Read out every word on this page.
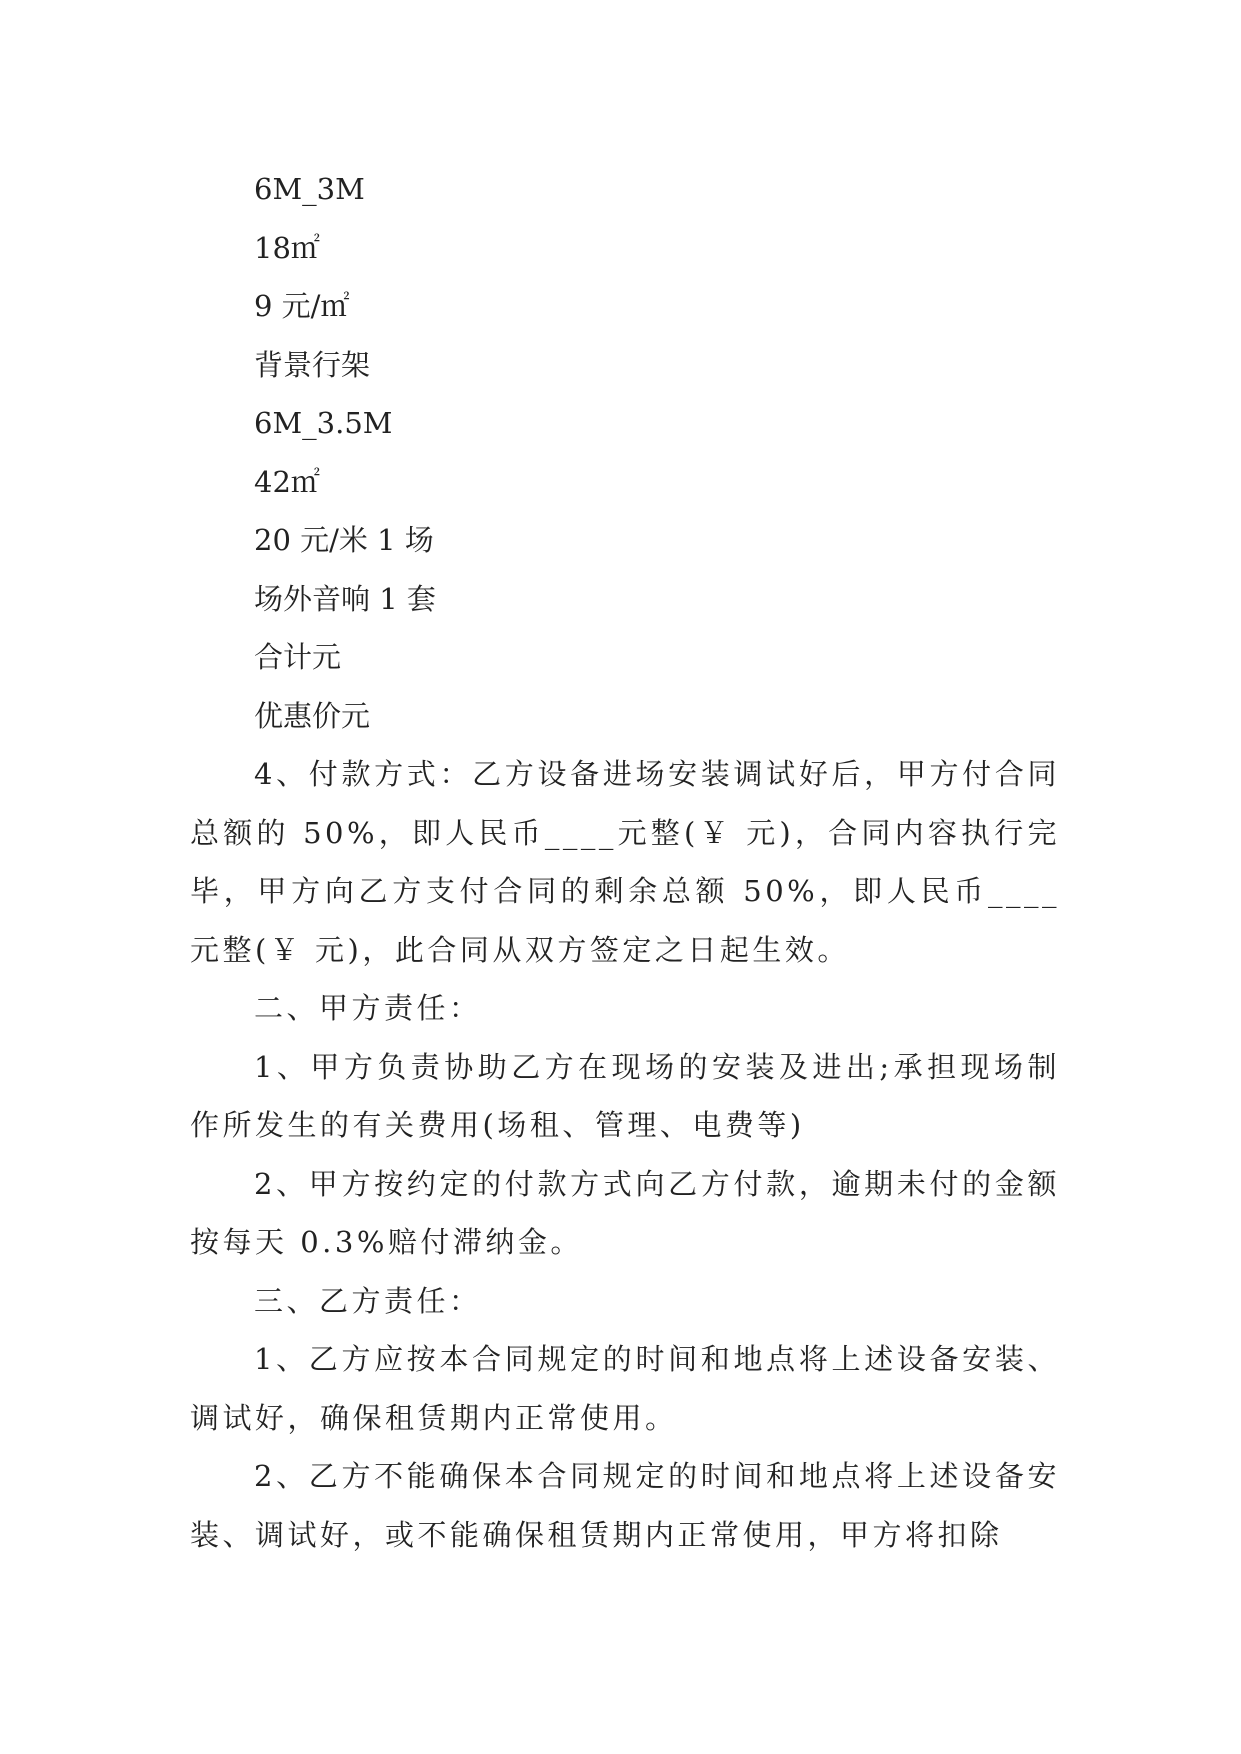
6M_3M

18㎡

9 元/㎡

背景行架

6M_3.5M

42㎡

20 元/米 1 场

场外音响 1 套

合计元

优惠价元

4、付款方式：乙方设备进场安装调试好后，甲方付合同总额的 50%，即人民币____元整(￥ 元)，合同内容执行完毕，甲方向乙方支付合同的剩余总额 50%，即人民币____元整(￥ 元)，此合同从双方签定之日起生效。

二、甲方责任：

1、甲方负责协助乙方在现场的安装及进出;承担现场制作所发生的有关费用(场租、管理、电费等)

2、甲方按约定的付款方式向乙方付款，逾期未付的金额按每天 0.3%赔付滞纳金。

三、乙方责任：

1、乙方应按本合同规定的时间和地点将上述设备安装、调试好，确保租赁期内正常使用。

2、乙方不能确保本合同规定的时间和地点将上述设备安装、调试好，或不能确保租赁期内正常使用，甲方将扣除
